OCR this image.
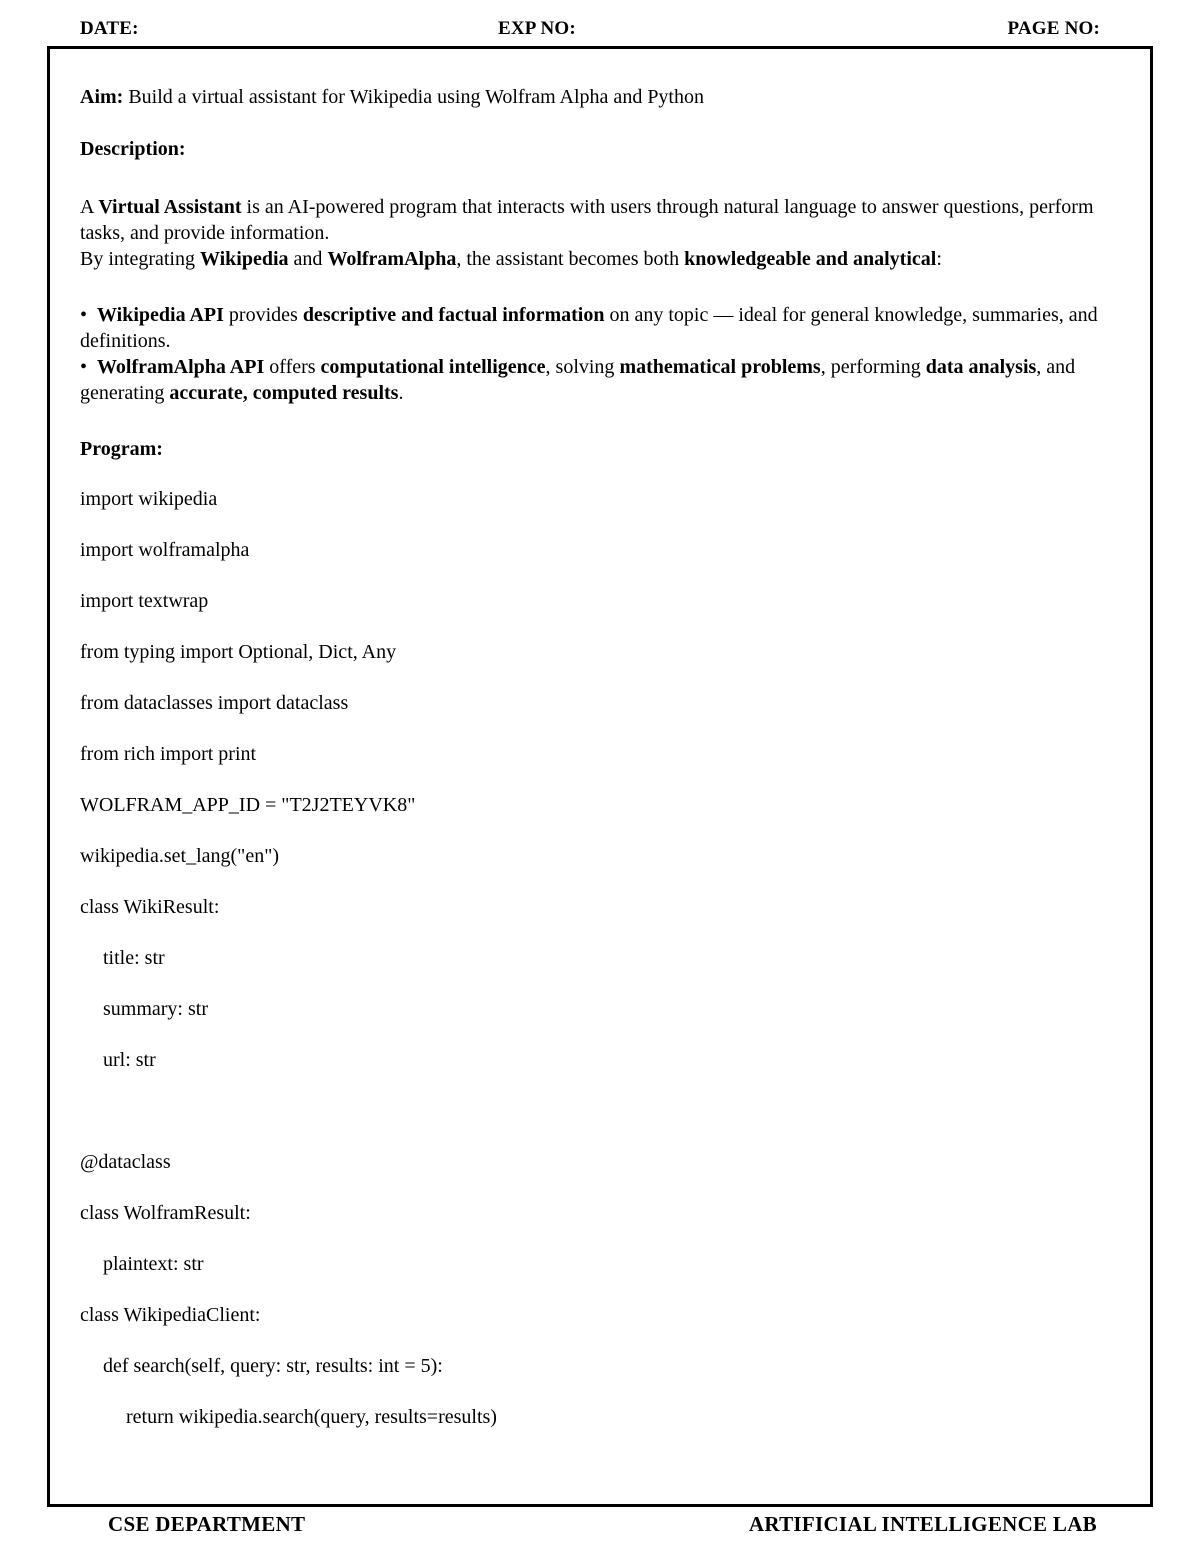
DATE:	EXP NO:	PAGE NO:

Aim: Build a virtual assistant for Wikipedia using Wolfram Alpha and Python

Description:

A Virtual Assistant is an AI-powered program that interacts with users through natural language to answer questions, perform tasks, and provide information.

By integrating Wikipedia and WolframAlpha, the assistant becomes both knowledgeable and analytical:

• Wikipedia API provides descriptive and factual information on any topic — ideal for general knowledge, summaries, and definitions.

• WolframAlpha API offers computational intelligence, solving mathematical problems, performing data analysis, and generating accurate, computed results.

Program:

import wikipedia
import wolframalpha
import textwrap
from typing import Optional, Dict, Any
from dataclasses import dataclass
from rich import print
WOLFRAM_APP_ID = "T2J2TEYVK8"
wikipedia.set_lang("en")
class WikiResult:
title: str
summary: str
url: str
@dataclass
class WolframResult:
plaintext: str
class WikipediaClient:
def search(self, query: str, results: int = 5):
return wikipedia.search(query, results=results)
CSE DEPARTMENT	ARTIFICIAL INTELLIGENCE LAB
